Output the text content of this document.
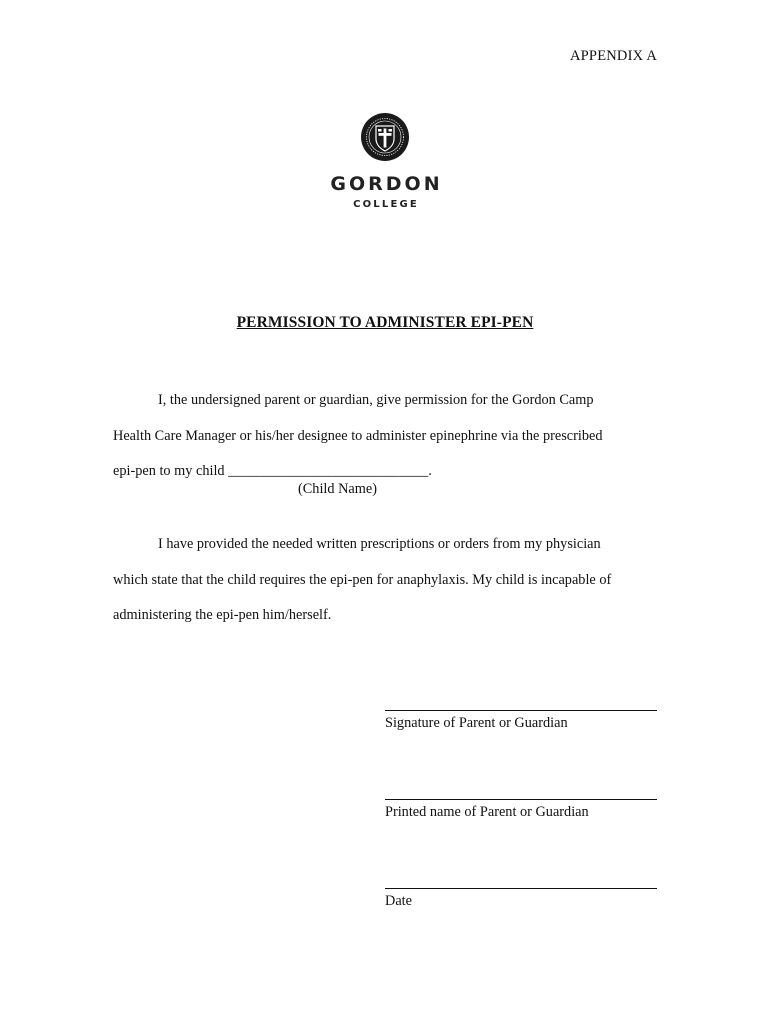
APPENDIX A
GORDON
COLLEGE
PERMISSION TO ADMINISTER EPI-PEN
I, the undersigned parent or guardian, give permission for the Gordon Camp
Health Care Manager or his/her designee to administer epinephrine via the prescribed
epi-pen to my child ____________________________.
(Child Name)
I have provided the needed written prescriptions or orders from my physician
which state that the child requires the epi-pen for anaphylaxis. My child is incapable of
administering the epi-pen him/herself.
Signature of Parent or Guardian
Printed name of Parent or Guardian
Date
